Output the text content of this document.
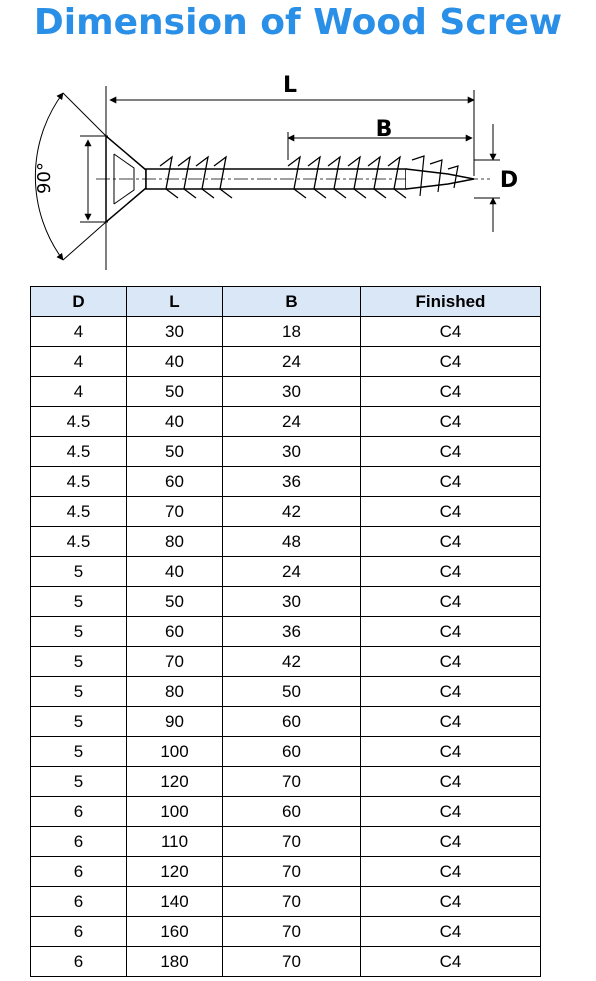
Dimension of Wood Screw
90°
L
B
D
D	L	B	Finished
4	30	18	C4
4	40	24	C4
4	50	30	C4
4.5	40	24	C4
4.5	50	30	C4
4.5	60	36	C4
4.5	70	42	C4
4.5	80	48	C4
5	40	24	C4
5	50	30	C4
5	60	36	C4
5	70	42	C4
5	80	50	C4
5	90	60	C4
5	100	60	C4
5	120	70	C4
6	100	60	C4
6	110	70	C4
6	120	70	C4
6	140	70	C4
6	160	70	C4
6	180	70	C4
